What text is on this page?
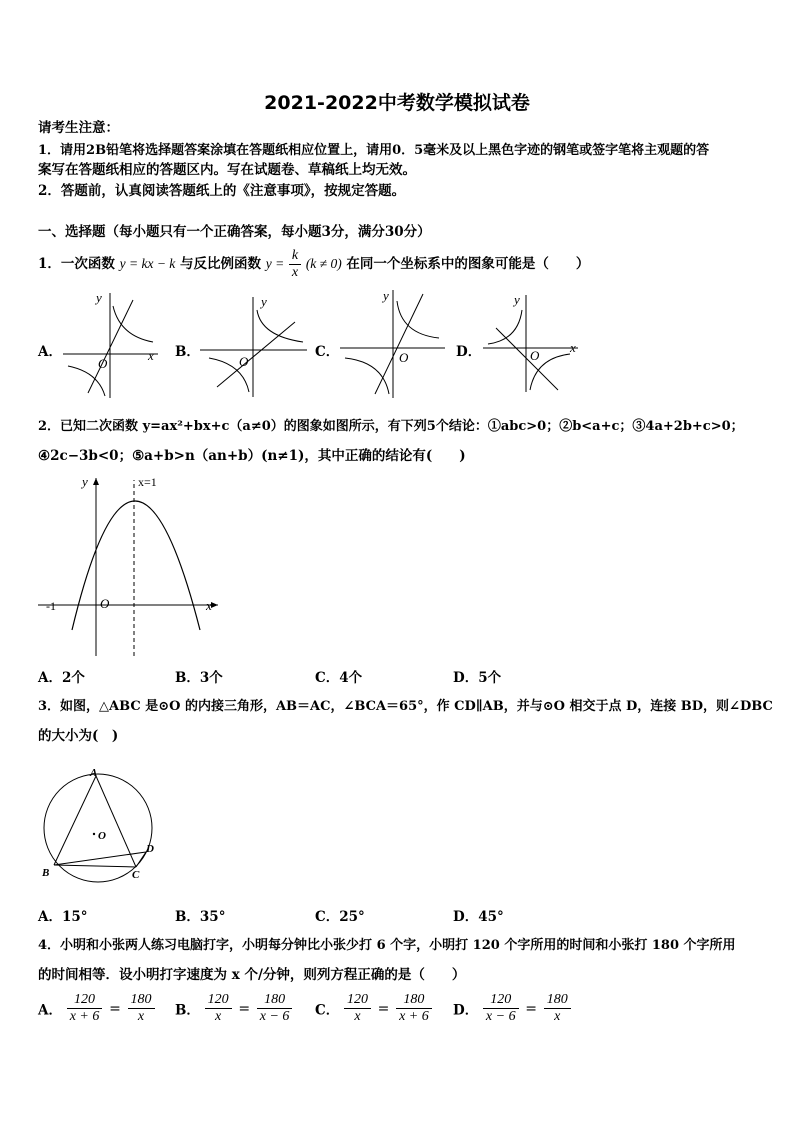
2021-2022中考数学模拟试卷
请考生注意：
1．请用2B铅笔将选择题答案涂填在答题纸相应位置上，请用0．5毫米及以上黑色字迹的钢笔或签字笔将主观题的答
案写在答题纸相应的答题区内。写在试题卷、草稿纸上均无效。
2．答题前，认真阅读答题纸上的《注意事项》，按规定答题。
一、选择题（每小题只有一个正确答案，每小题3分，满分30分）
1．一次函数 y = kx − k 与反比例函数 $y = \frac{k}{x} (k \ne 0)$ 在同一个坐标系中的图象可能是（　　）
A．
y
x
O
B．
y
O
C．
y
O	D．
y
x
O
2．已知二次函数 y=ax²+bx+c（a≠0）的图象如图所示，有下列5个结论：①abc>0；②b<a+c；③4a+2b+c>0；
④2c−3b<0；⑤a+b>n（an+b）(n≠1)，其中正确的结论有(　　)
y	x=1
-1	O	x
A．2个	B．3个	C．4个	D．5个
3．如图，△ABC 是⊙O 的内接三角形，AB＝AC，∠BCA＝65°，作 CD∥AB，并与⊙O 相交于点 D，连接 BD，则∠DBC
的大小为(　)
A
B	C
D
O
A．15°	B．35°	C．25°	D．45°
4．小明和小张两人练习电脑打字，小明每分钟比小张少打 6 个字，小明打 120 个字所用的时间和小张打 180 个字所用
的时间相等．设小明打字速度为 x 个/分钟，则列方程正确的是（　　）
A． $\frac{120}{x + 6} = \frac{180}{x}$ B． $\frac{120}{x} = \frac{180}{x - 6}$ C． $\frac{120}{x} = \frac{180}{x + 6}$ D． $\frac{120}{x - 6} = \frac{180}{x}$
